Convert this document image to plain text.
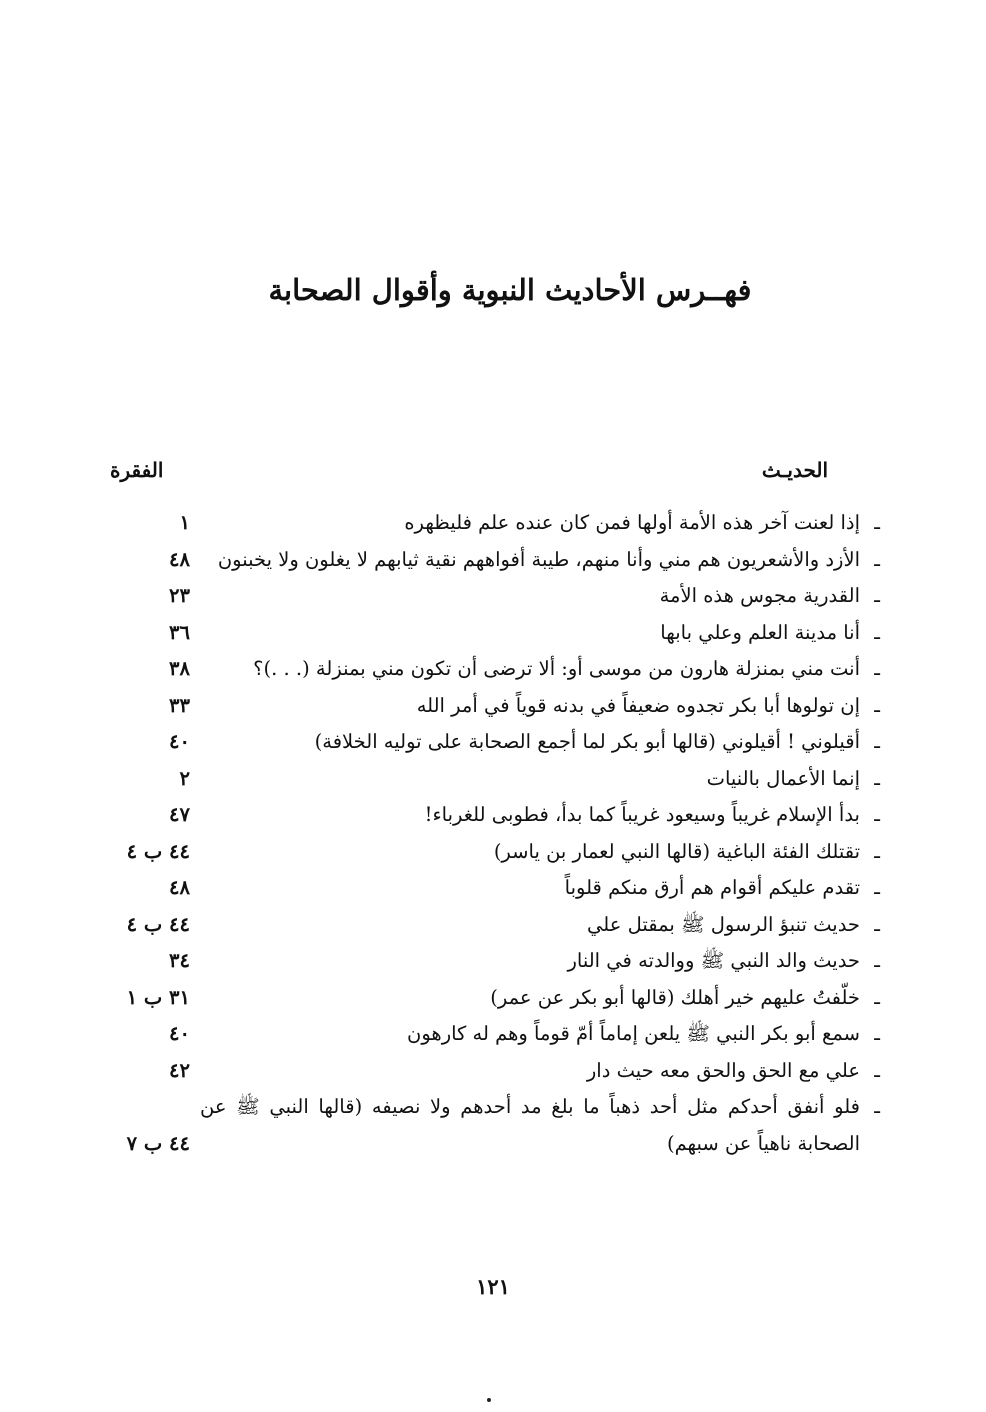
فهــرس الأحاديث النبوية وأقوال الصحابة
الحديـث
الفقرة
ـ إذا لعنت آخر هذه الأمة أولها فمن كان عنده علم فليظهره
١
ـ الأزد والأشعريون هم مني وأنا منهم، طيبة أفواههم نقية ثيابهم لا يغلون ولا يخبنون
٤٨
ـ القدرية مجوس هذه الأمة
٢٣
ـ أنا مدينة العلم وعلي بابها
٣٦
ـ أنت مني بمنزلة هارون من موسى أو: ألا ترضى أن تكون مني بمنزلة (. . .)؟
٣٨
ـ إن تولوها أبا بكر تجدوه ضعيفاً في بدنه قوياً في أمر الله
٣٣
ـ أقيلوني ! أقيلوني (قالها أبو بكر لما أجمع الصحابة على توليه الخلافة)
٤٠
ـ إنما الأعمال بالنيات
٢
ـ بدأ الإسلام غريباً وسيعود غريباً كما بدأ، فطوبى للغرباء!
٤٧
ـ تقتلك الفئة الباغية (قالها النبي لعمار بن ياسر)
٤٤ ب ٤
ـ تقدم عليكم أقوام هم أرق منكم قلوباً
٤٨
ـ حديث تنبؤ الرسول ﷺ بمقتل علي
٤٤ ب ٤
ـ حديث والد النبي ﷺ ووالدته في النار
٣٤
ـ خلّفتُ عليهم خير أهلك (قالها أبو بكر عن عمر)
٣١ ب ١
ـ سمع أبو بكر النبي ﷺ يلعن إماماً أمّ قوماً وهم له كارهون
٤٠
ـ علي مع الحق والحق معه حيث دار
٤٢
ـ فلو أنفق أحدكم مثل أحد ذهباً ما بلغ مد أحدهم ولا نصيفه (قالها النبي ﷺ عن الصحابة ناهياً عن سبهم)
٤٤ ب ٧
١٢١
